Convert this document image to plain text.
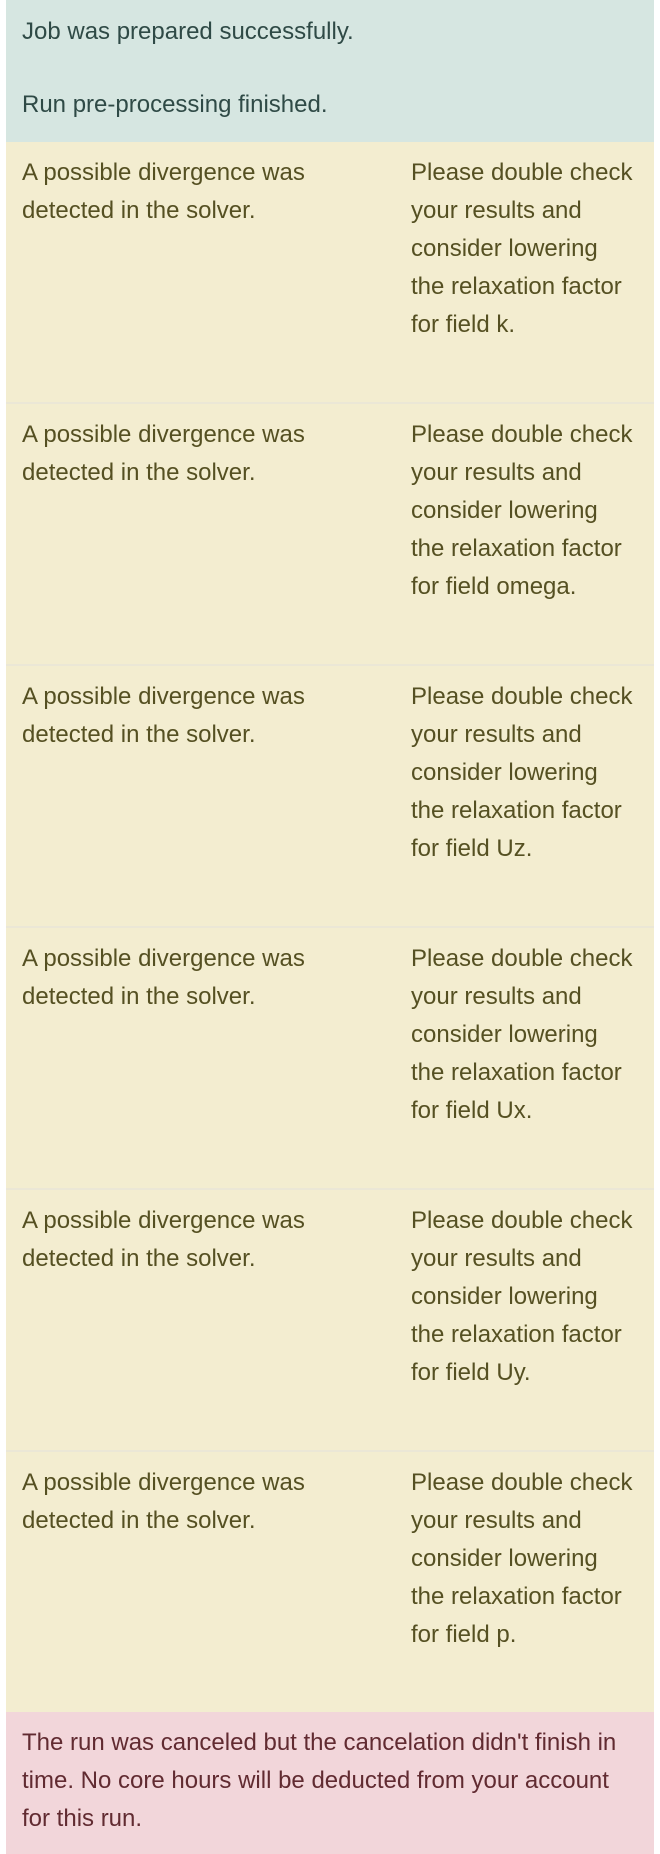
Job was prepared successfully.
Run pre-processing finished.
A possible divergence was detected in the solver.
Please double check your results and consider lowering the relaxation factor for field k.
A possible divergence was detected in the solver.
Please double check your results and consider lowering the relaxation factor for field omega.
A possible divergence was detected in the solver.
Please double check your results and consider lowering the relaxation factor for field Uz.
A possible divergence was detected in the solver.
Please double check your results and consider lowering the relaxation factor for field Ux.
A possible divergence was detected in the solver.
Please double check your results and consider lowering the relaxation factor for field Uy.
A possible divergence was detected in the solver.
Please double check your results and consider lowering the relaxation factor for field p.
The run was canceled but the cancelation didn't finish in time. No core hours will be deducted from your account for this run.
